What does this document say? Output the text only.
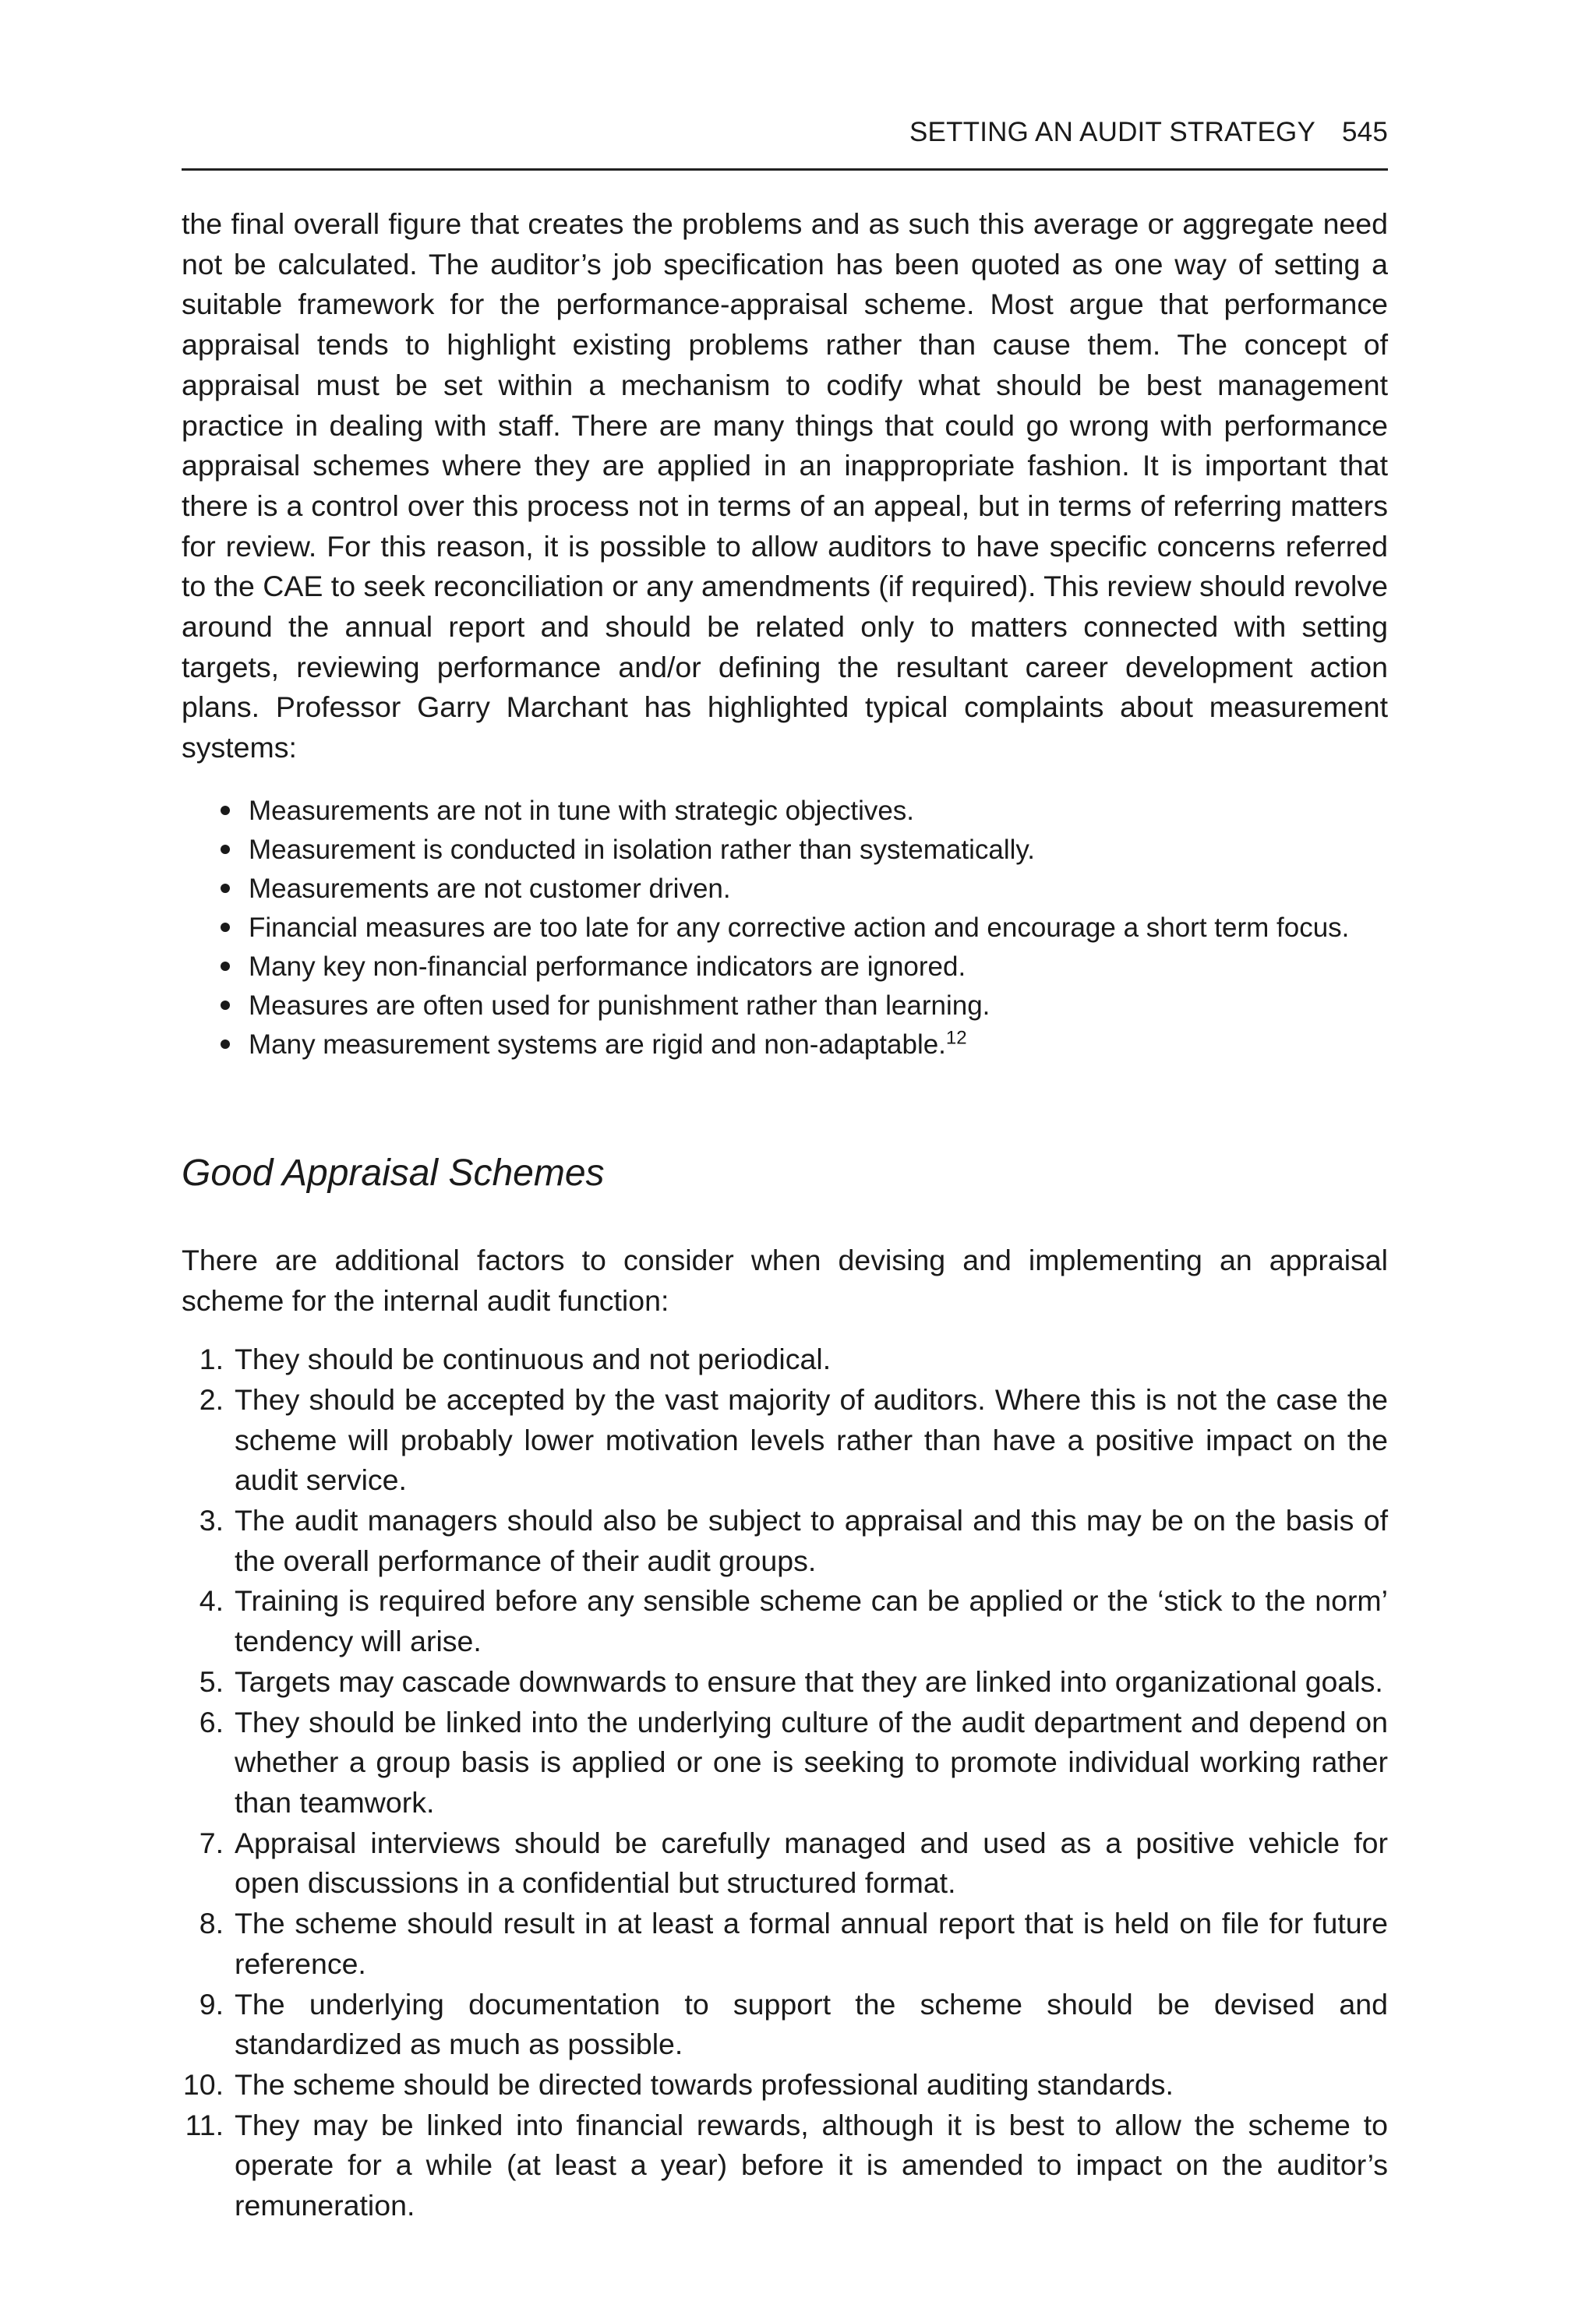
SETTING AN AUDIT STRATEGY 545

the final overall figure that creates the problems and as such this average or aggregate need not be calculated. The auditor’s job specification has been quoted as one way of setting a suitable framework for the performance-appraisal scheme. Most argue that performance appraisal tends to highlight existing problems rather than cause them. The concept of appraisal must be set within a mechanism to codify what should be best management practice in dealing with staff. There are many things that could go wrong with performance appraisal schemes where they are applied in an inappropriate fashion. It is important that there is a control over this process not in terms of an appeal, but in terms of referring matters for review. For this reason, it is possible to allow auditors to have specific concerns referred to the CAE to seek reconciliation or any amendments (if required). This review should revolve around the annual report and should be related only to matters connected with setting targets, reviewing performance and/or defining the resultant career development action plans. Professor Garry Marchant has highlighted typical complaints about measurement systems:

Measurements are not in tune with strategic objectives.
Measurement is conducted in isolation rather than systematically.
Measurements are not customer driven.
Financial measures are too late for any corrective action and encourage a short term focus.
Many key non-financial performance indicators are ignored.
Measures are often used for punishment rather than learning.
Many measurement systems are rigid and non-adaptable.$^{12}$
Good Appraisal Schemes

There are additional factors to consider when devising and implementing an appraisal scheme for the internal audit function:

1. They should be continuous and not periodical.
2. They should be accepted by the vast majority of auditors. Where this is not the case the scheme will probably lower motivation levels rather than have a positive impact on the audit service.
3. The audit managers should also be subject to appraisal and this may be on the basis of the overall performance of their audit groups.
4. Training is required before any sensible scheme can be applied or the ‘stick to the norm’ tendency will arise.
5. Targets may cascade downwards to ensure that they are linked into organizational goals.
6. They should be linked into the underlying culture of the audit department and depend on whether a group basis is applied or one is seeking to promote individual working rather than teamwork.
7. Appraisal interviews should be carefully managed and used as a positive vehicle for open discussions in a confidential but structured format.
8. The scheme should result in at least a formal annual report that is held on file for future reference.
9. The underlying documentation to support the scheme should be devised and standardized as much as possible.
10. The scheme should be directed towards professional auditing standards.
11. They may be linked into financial rewards, although it is best to allow the scheme to operate for a while (at least a year) before it is amended to impact on the auditor’s remuneration.
